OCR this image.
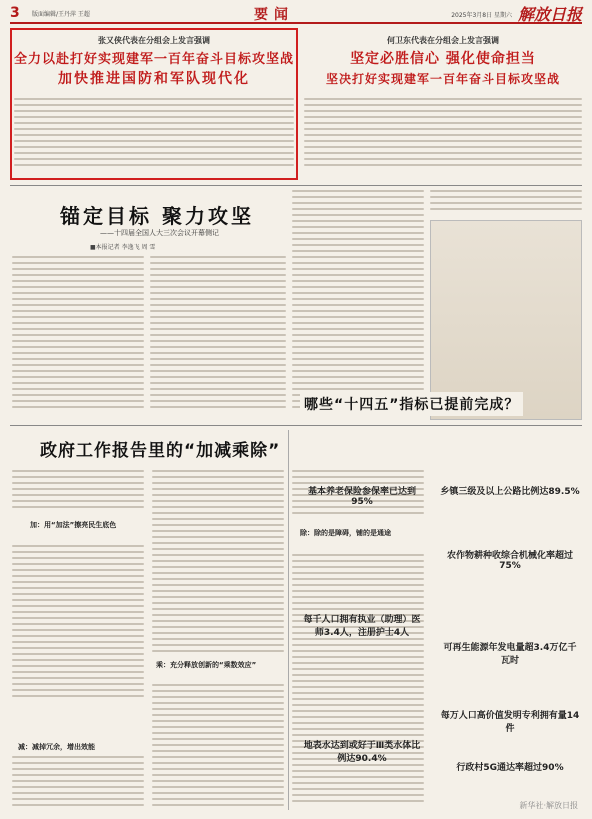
3 版面编辑/王丹萍 王超	要闻	2025年3月8日 星期六 解放日报
张又侠代表在分组会上发言强调
全力以赴打好实现建军一百年奋斗目标攻坚战
加快推进国防和军队现代化
何卫东代表在分组会上发言强调
坚定必胜信心 强化使命担当
坚决打好实现建军一百年奋斗目标攻坚战
锚定目标 聚力攻坚
——十四届全国人大三次会议开幕侧记
■本报记者 李逸飞 周 雪
政府工作报告里的“加减乘除”
加：用“加法”擦亮民生底色
减：减掉冗余，增出效能
乘：充分释放创新的“乘数效应”
除：除的是障碍，铺的是通途
哪些“十四五”指标已提前完成？
基本养老保险参保率已达到95%
乡镇三级及以上公路比例达89.5%
每千人口拥有执业（助理）医师3.4人，注册护士4人
可再生能源年发电量超3.4万亿千瓦时
地表水达到或好于Ⅲ类水体比例达90.4%
行政村5G通达率超过90%
农作物耕种收综合机械化率超过75%
每万人口高价值发明专利拥有量14件
新华社·解放日报
